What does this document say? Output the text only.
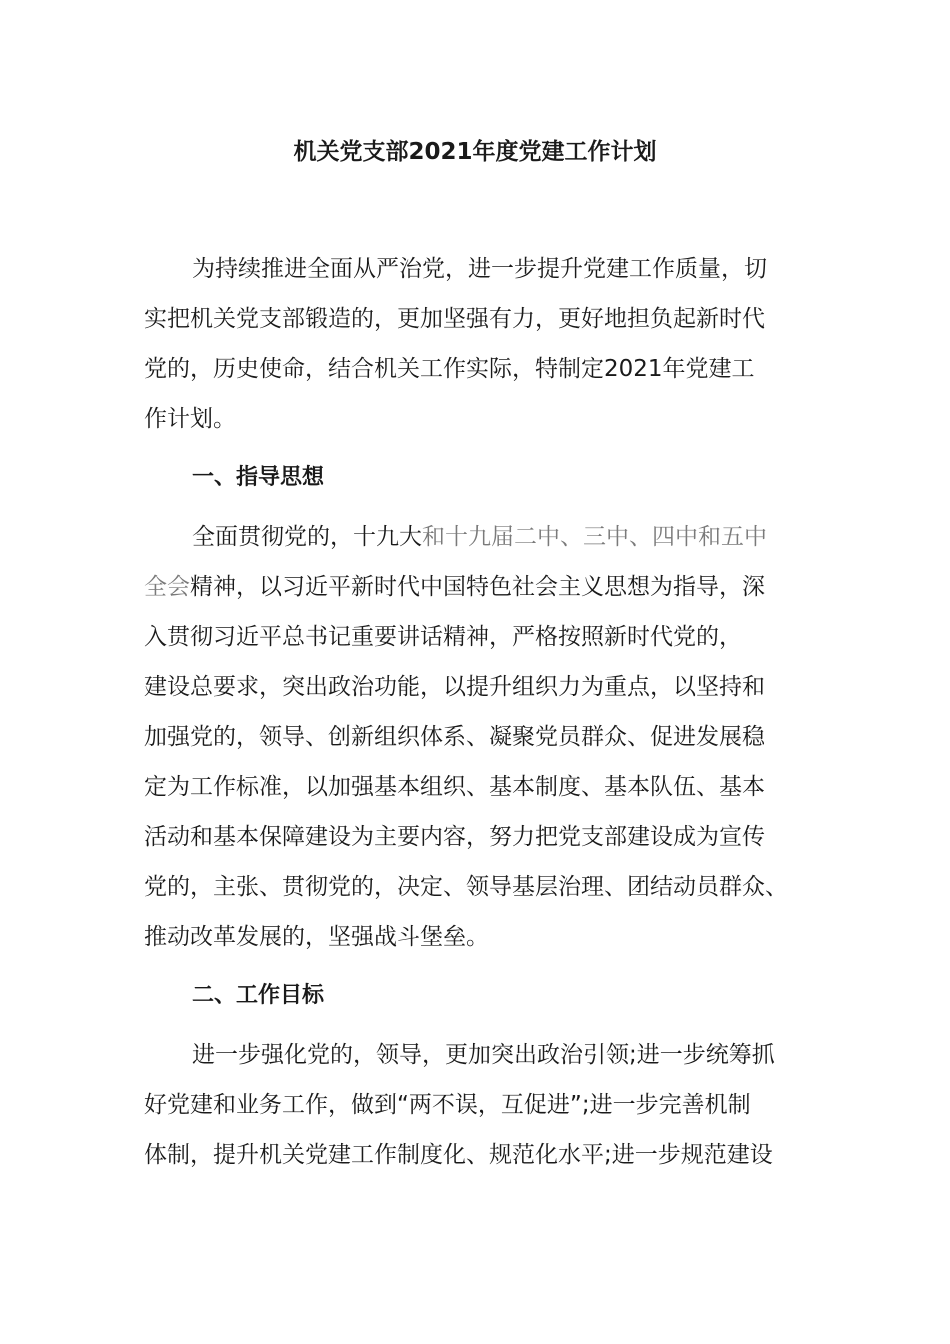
机关党支部2021年度党建工作计划
为持续推进全面从严治党，进一步提升党建工作质量，切
实把机关党支部锻造的，更加坚强有力，更好地担负起新时代
党的，历史使命，结合机关工作实际，特制定2021年党建工
作计划。
一、指导思想
全面贯彻党的，十九大和十九届二中、三中、四中和五中
全会精神，以习近平新时代中国特色社会主义思想为指导，深
入贯彻习近平总书记重要讲话精神，严格按照新时代党的，
建设总要求，突出政治功能，以提升组织力为重点，以坚持和
加强党的，领导、创新组织体系、凝聚党员群众、促进发展稳
定为工作标准，以加强基本组织、基本制度、基本队伍、基本
活动和基本保障建设为主要内容，努力把党支部建设成为宣传
党的，主张、贯彻党的，决定、领导基层治理、团结动员群众、
推动改革发展的，坚强战斗堡垒。
二、工作目标
进一步强化党的，领导，更加突出政治引领;进一步统筹抓
好党建和业务工作，做到“两不误，互促进”;进一步完善机制
体制，提升机关党建工作制度化、规范化水平;进一步规范建设
